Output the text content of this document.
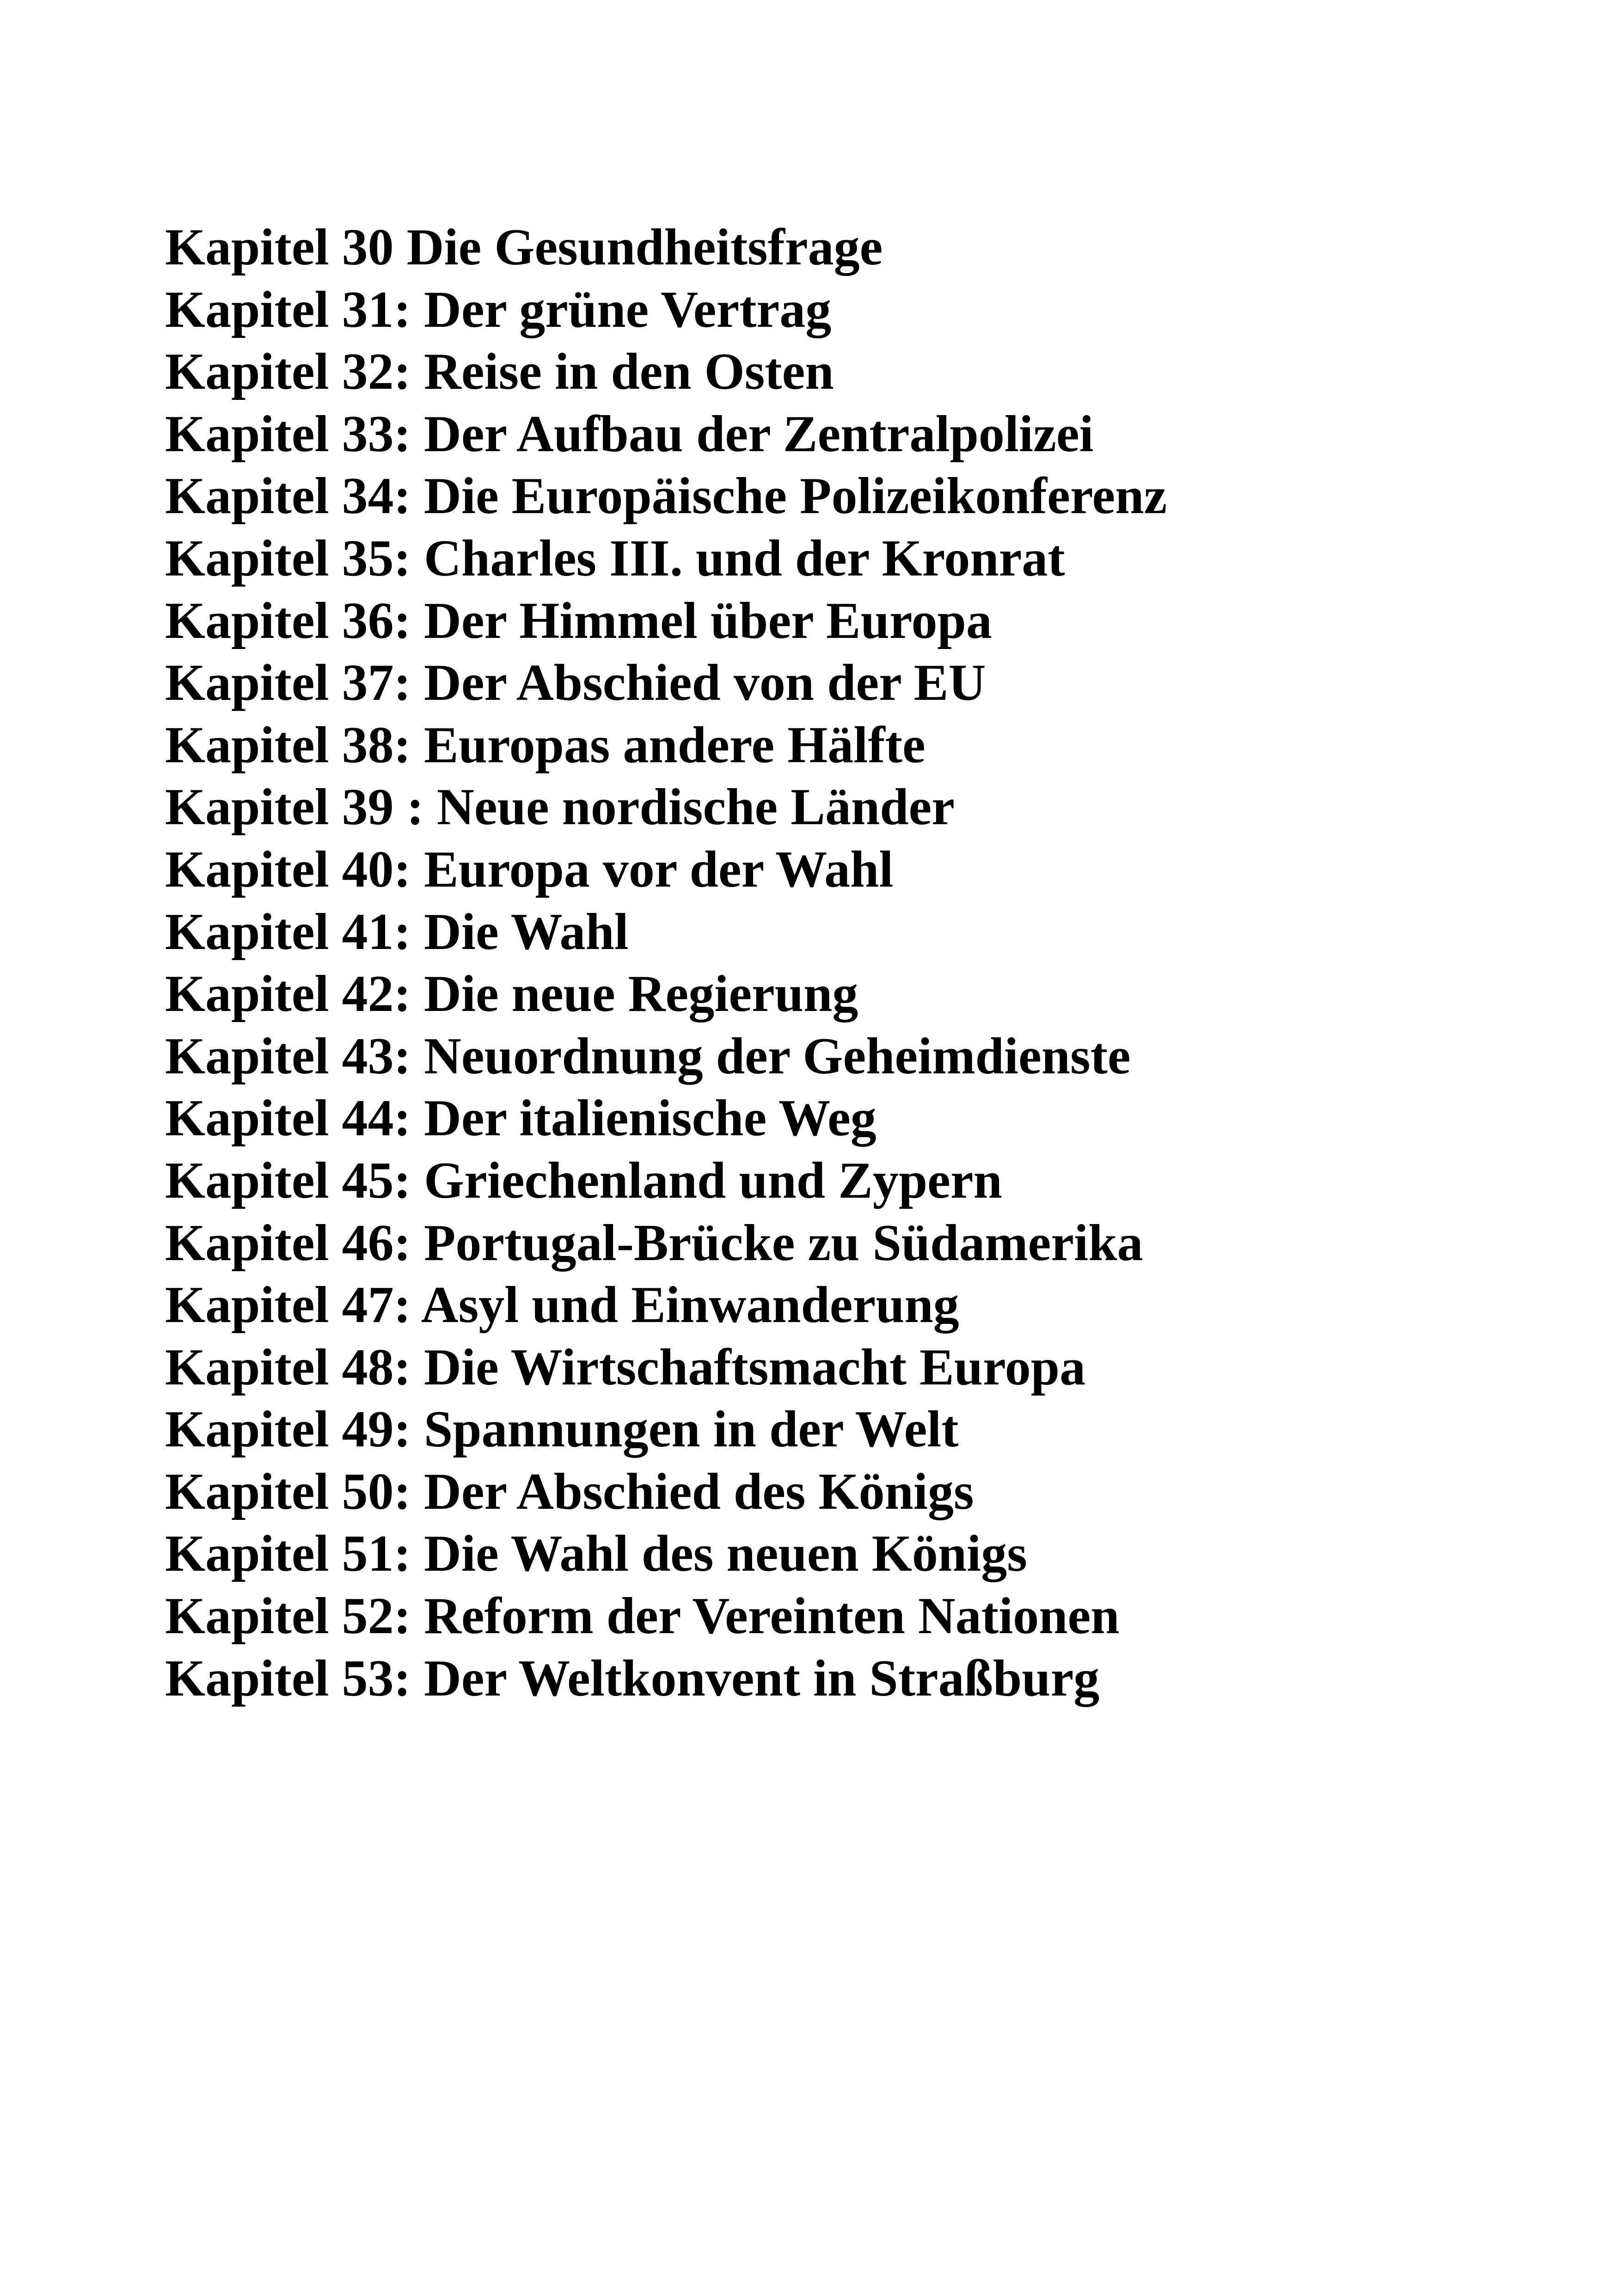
Kapitel 30 Die Gesundheitsfrage
Kapitel 31: Der grüne Vertrag
Kapitel 32: Reise in den Osten
Kapitel 33: Der Aufbau der Zentralpolizei
Kapitel 34: Die Europäische Polizeikonferenz
Kapitel 35: Charles III. und der Kronrat
Kapitel 36: Der Himmel über Europa
Kapitel 37: Der Abschied von der EU
Kapitel 38: Europas andere Hälfte
Kapitel 39 : Neue nordische Länder
Kapitel 40: Europa vor der Wahl
Kapitel 41: Die Wahl
Kapitel 42: Die neue Regierung
Kapitel 43: Neuordnung der Geheimdienste
Kapitel 44: Der italienische Weg
Kapitel 45: Griechenland und Zypern
Kapitel 46: Portugal-Brücke zu Südamerika
Kapitel 47: Asyl und Einwanderung
Kapitel 48: Die Wirtschaftsmacht Europa
Kapitel 49: Spannungen in der Welt
Kapitel 50: Der Abschied des Königs
Kapitel 51: Die Wahl des neuen Königs
Kapitel 52: Reform der Vereinten Nationen
Kapitel 53: Der Weltkonvent in Straßburg
